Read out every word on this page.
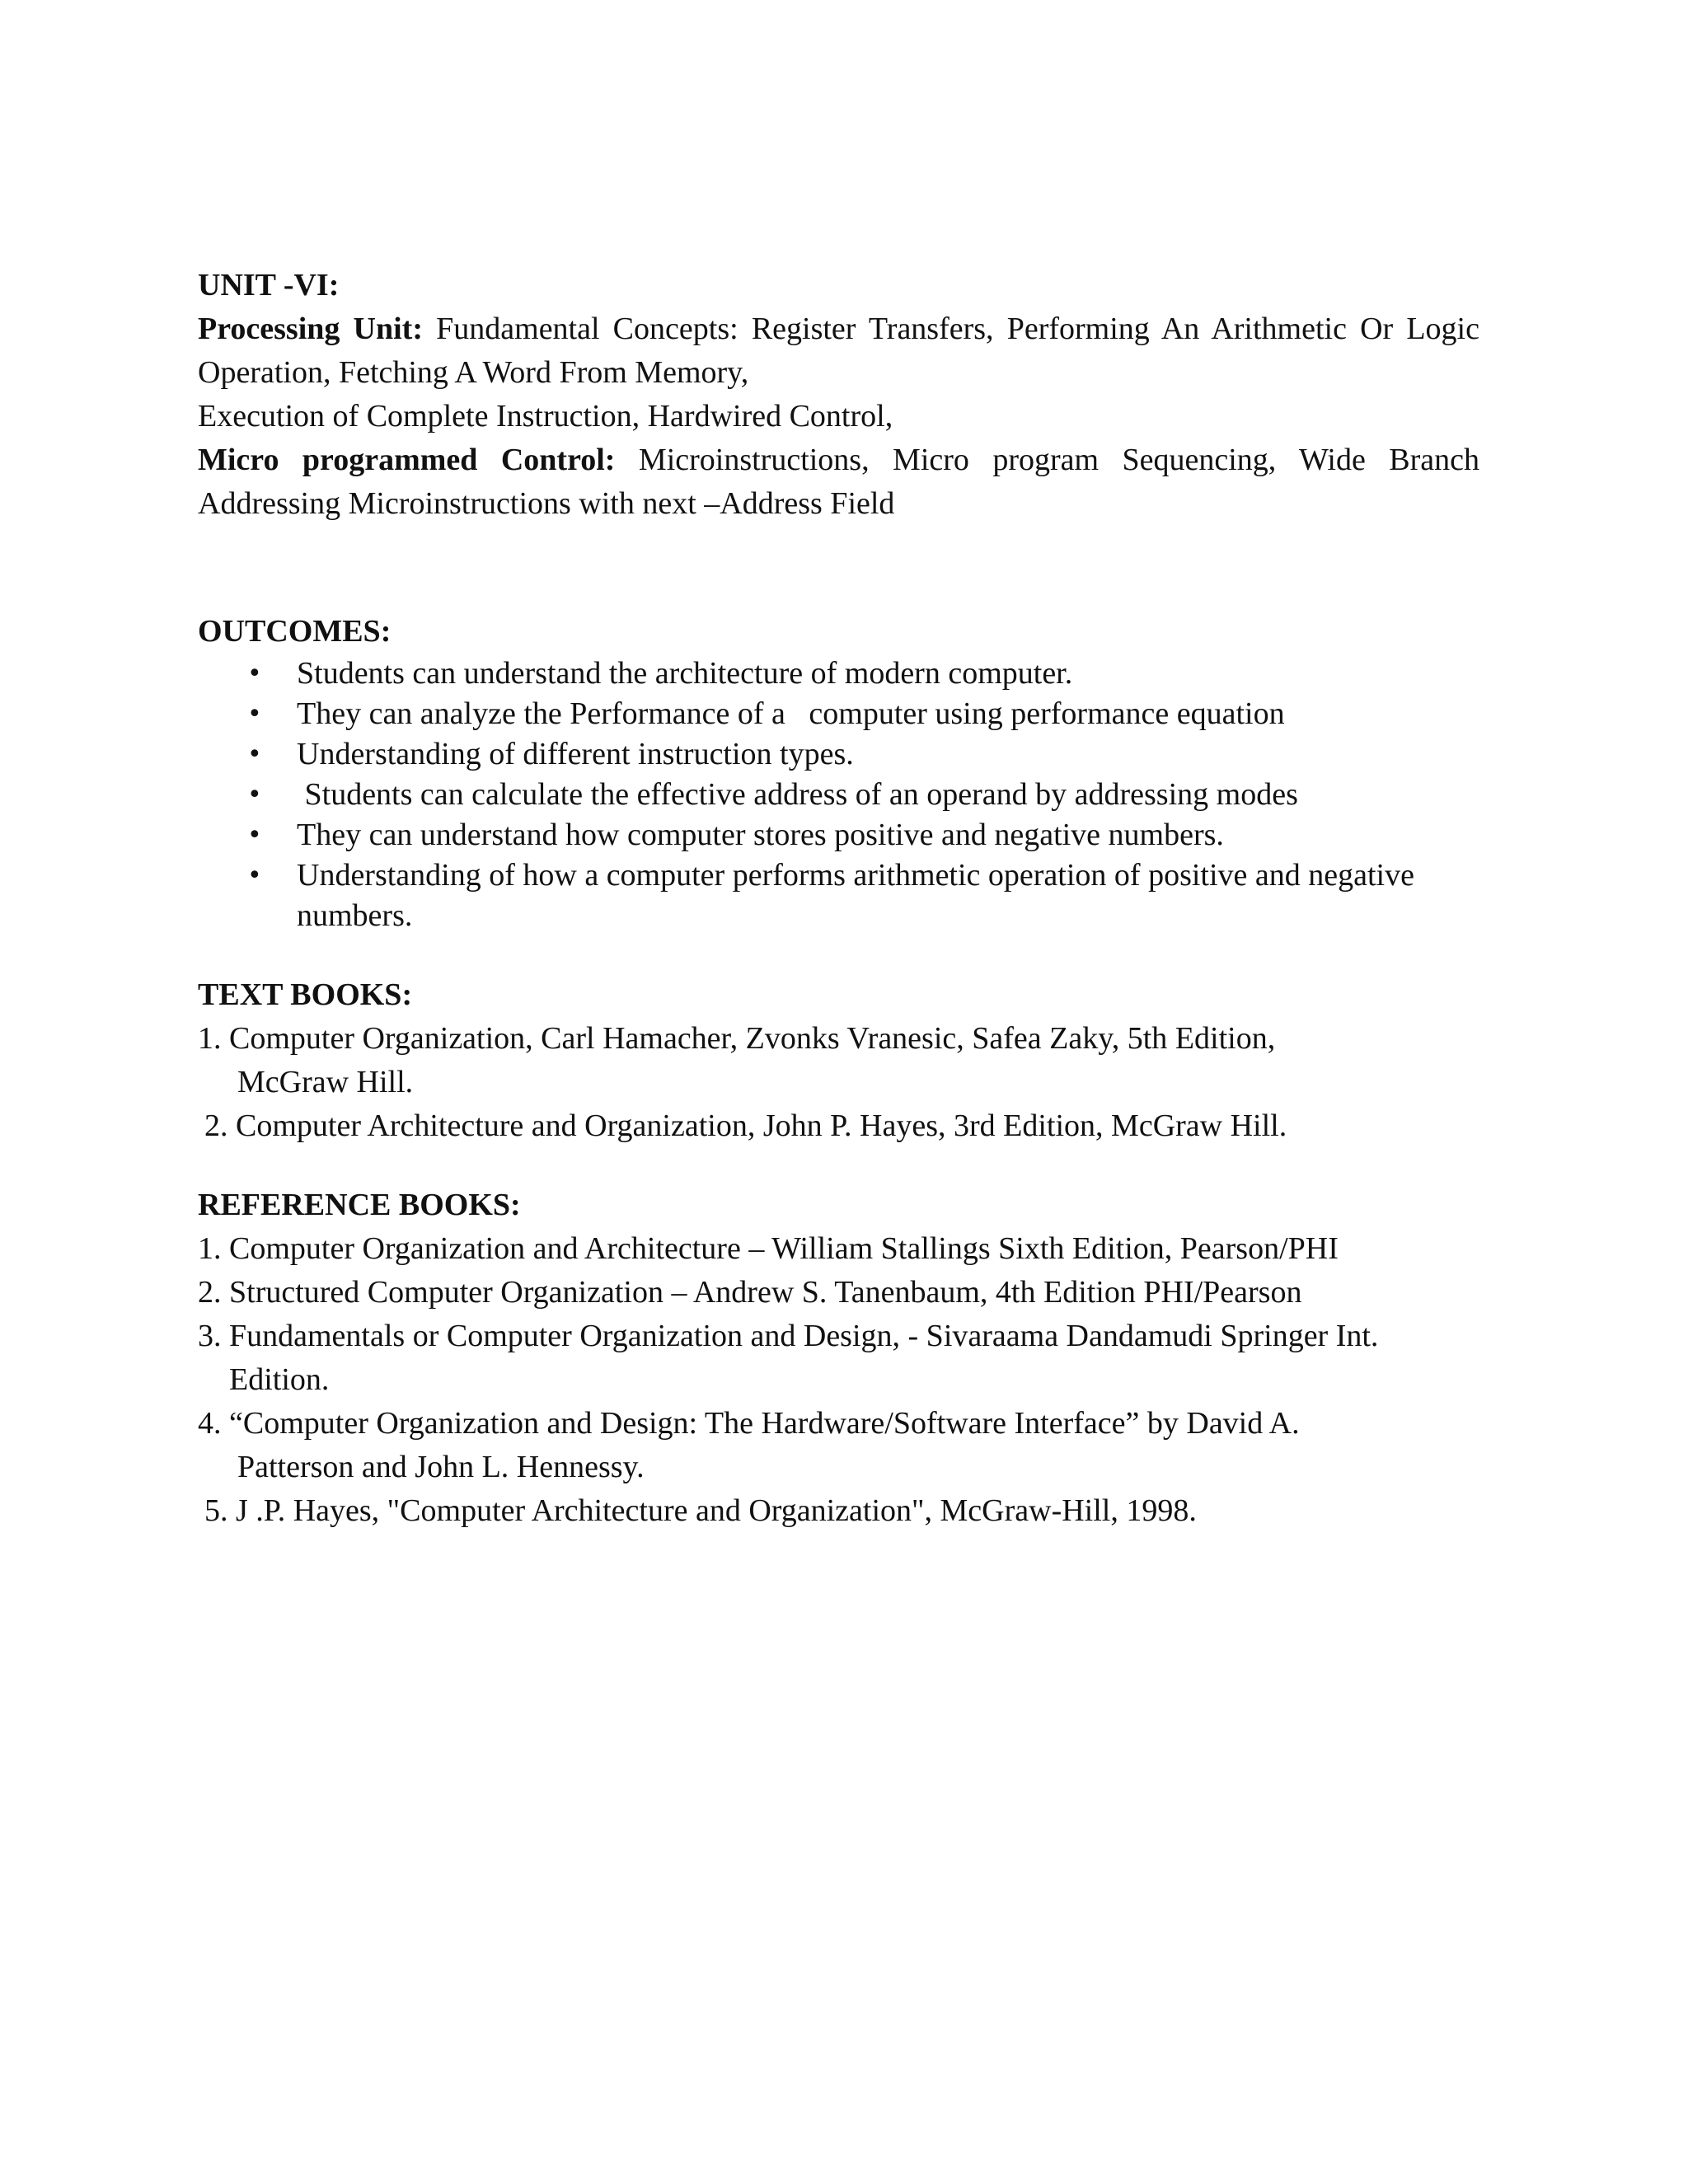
UNIT -VI:

Processing Unit: Fundamental Concepts: Register Transfers, Performing An Arithmetic Or Logic Operation, Fetching A Word From Memory,

Execution of Complete Instruction, Hardwired Control,

Micro programmed Control: Microinstructions, Micro program Sequencing, Wide Branch Addressing Microinstructions with next –Address Field

OUTCOMES:
• Students can understand the architecture of modern computer.
• They can analyze the Performance of a   computer using performance equation
• Understanding of different instruction types.
• Students can calculate the effective address of an operand by addressing modes
• They can understand how computer stores positive and negative numbers.
• Understanding of how a computer performs arithmetic operation of positive and negative numbers.
TEXT BOOKS:
1. Computer Organization, Carl Hamacher, Zvonks Vranesic, Safea Zaky, 5th Edition,
McGraw Hill.
2. Computer Architecture and Organization, John P. Hayes, 3rd Edition, McGraw Hill.
REFERENCE BOOKS:
1. Computer Organization and Architecture – William Stallings Sixth Edition, Pearson/PHI
2. Structured Computer Organization – Andrew S. Tanenbaum, 4th Edition PHI/Pearson
3. Fundamentals or Computer Organization and Design, - Sivaraama Dandamudi Springer Int.
Edition.
4. “Computer Organization and Design: The Hardware/Software Interface” by David A.
Patterson and John L. Hennessy.
5. J .P. Hayes, "Computer Architecture and Organization", McGraw-Hill, 1998.
